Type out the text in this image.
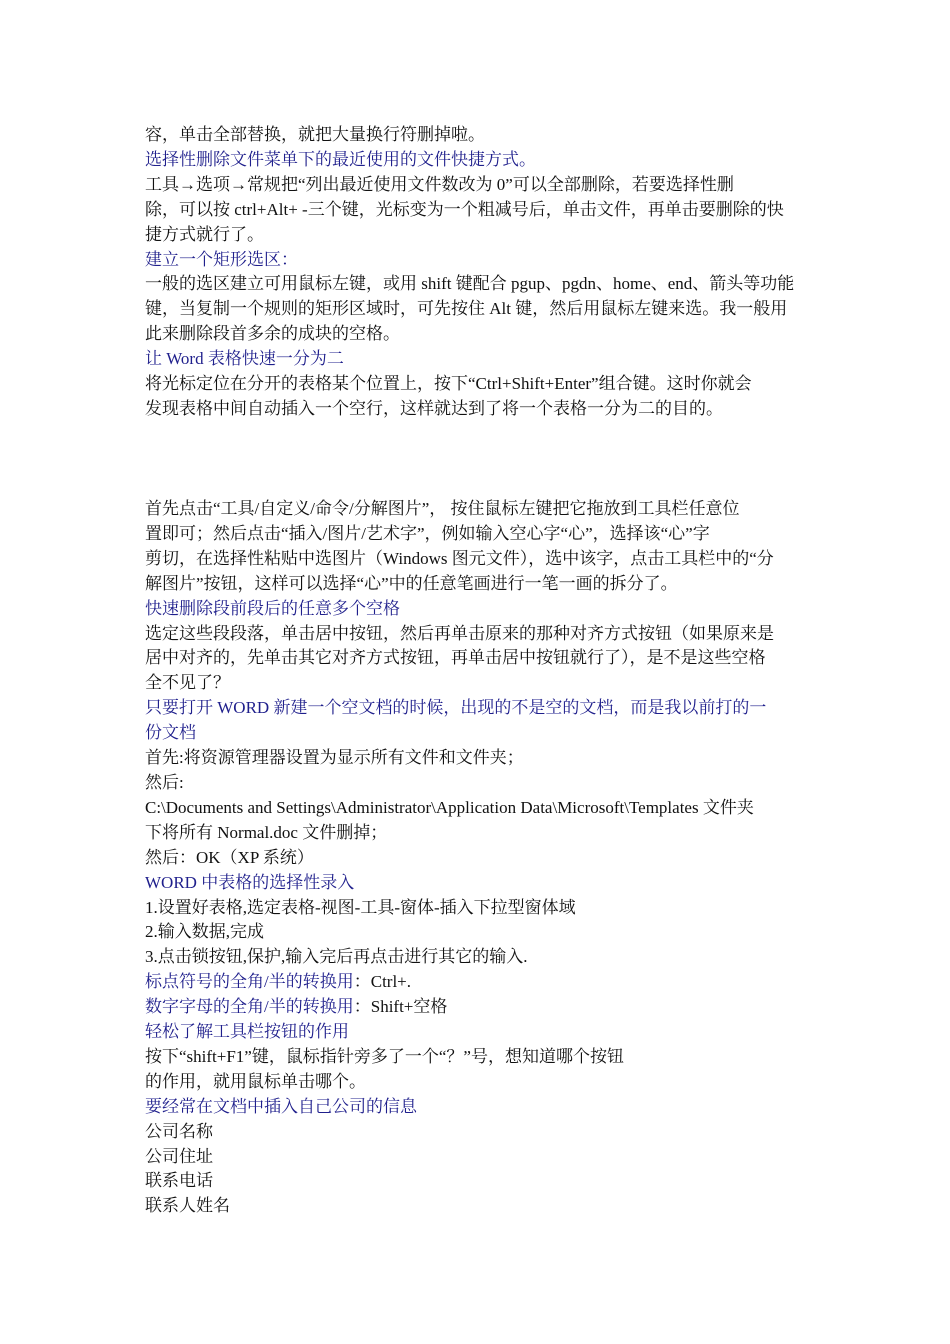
容，单击全部替换，就把大量换行符删掉啦。
选择性删除文件菜单下的最近使用的文件快捷方式。
工具→选项→常规把“列出最近使用文件数改为 0”可以全部删除，若要选择性删
除，可以按 ctrl+Alt+ -三个键，光标变为一个粗减号后，单击文件，再单击要删除的快
捷方式就行了。
建立一个矩形选区：
一般的选区建立可用鼠标左键，或用 shift 键配合 pgup、pgdn、home、end、箭头等功能
键，当复制一个规则的矩形区域时，可先按住 Alt 键，然后用鼠标左键来选。我一般用
此来删除段首多余的成块的空格。
让 Word 表格快速一分为二
将光标定位在分开的表格某个位置上，按下“Ctrl+Shift+Enter”组合键。这时你就会
发现表格中间自动插入一个空行，这样就达到了将一个表格一分为二的目的。
首先点击“工具/自定义/命令/分解图片”， 按住鼠标左键把它拖放到工具栏任意位
置即可；然后点击“插入/图片/艺术字”，例如输入空心字“心”，选择该“心”字
剪切，在选择性粘贴中选图片（Windows 图元文件），选中该字，点击工具栏中的“分
解图片”按钮，这样可以选择“心”中的任意笔画进行一笔一画的拆分了。
快速删除段前段后的任意多个空格
选定这些段段落，单击居中按钮，然后再单击原来的那种对齐方式按钮（如果原来是
居中对齐的，先单击其它对齐方式按钮，再单击居中按钮就行了），是不是这些空格
全不见了？
只要打开 WORD 新建一个空文档的时候，出现的不是空的文档，而是我以前打的一
份文档
首先:将资源管理器设置为显示所有文件和文件夹；
然后:
C:\Documents and Settings\Administrator\Application Data\Microsoft\Templates 文件夹
下将所有 Normal.doc 文件删掉；
然后：OK（XP 系统）
WORD 中表格的选择性录入
1.设置好表格,选定表格-视图-工具-窗体-插入下拉型窗体域
2.输入数据,完成
3.点击锁按钮,保护,输入完后再点击进行其它的输入.
标点符号的全角/半的转换用：Ctrl+.
数字字母的全角/半的转换用：Shift+空格
轻松了解工具栏按钮的作用
按下“shift+F1”键，鼠标指针旁多了一个“？”号，想知道哪个按钮
的作用，就用鼠标单击哪个。
要经常在文档中插入自己公司的信息
公司名称
公司住址
联系电话
联系人姓名
